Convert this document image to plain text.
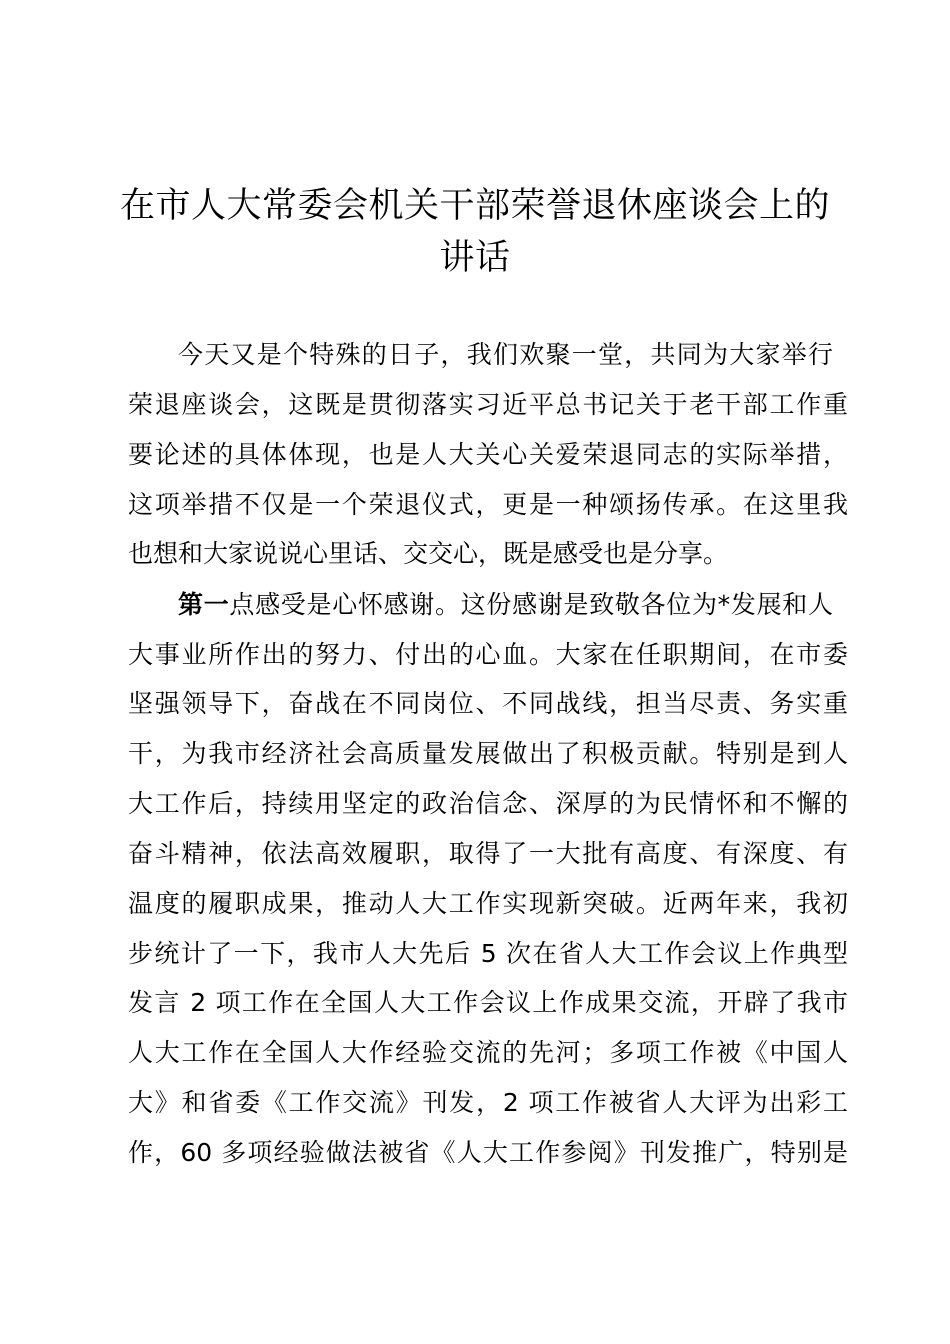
在市人大常委会机关干部荣誉退休座谈会上的
讲话
今天又是个特殊的日子，我们欢聚一堂，共同为大家举行
荣退座谈会，这既是贯彻落实习近平总书记关于老干部工作重
要论述的具体体现，也是人大关心关爱荣退同志的实际举措，
这项举措不仅是一个荣退仪式，更是一种颂扬传承。在这里我
也想和大家说说心里话、交交心，既是感受也是分享。
第一点感受是心怀感谢。这份感谢是致敬各位为*发展和人
大事业所作出的努力、付出的心血。大家在任职期间，在市委
坚强领导下，奋战在不同岗位、不同战线，担当尽责、务实重
干，为我市经济社会高质量发展做出了积极贡献。特别是到人
大工作后，持续用坚定的政治信念、深厚的为民情怀和不懈的
奋斗精神，依法高效履职，取得了一大批有高度、有深度、有
温度的履职成果，推动人大工作实现新突破。近两年来，我初
步统计了一下，我市人大先后 5 次在省人大工作会议上作典型
发言 2 项工作在全国人大工作会议上作成果交流，开辟了我市
人大工作在全国人大作经验交流的先河；多项工作被《中国人
大》和省委《工作交流》刊发，2 项工作被省人大评为出彩工
作，60 多项经验做法被省《人大工作参阅》刊发推广，特别是
